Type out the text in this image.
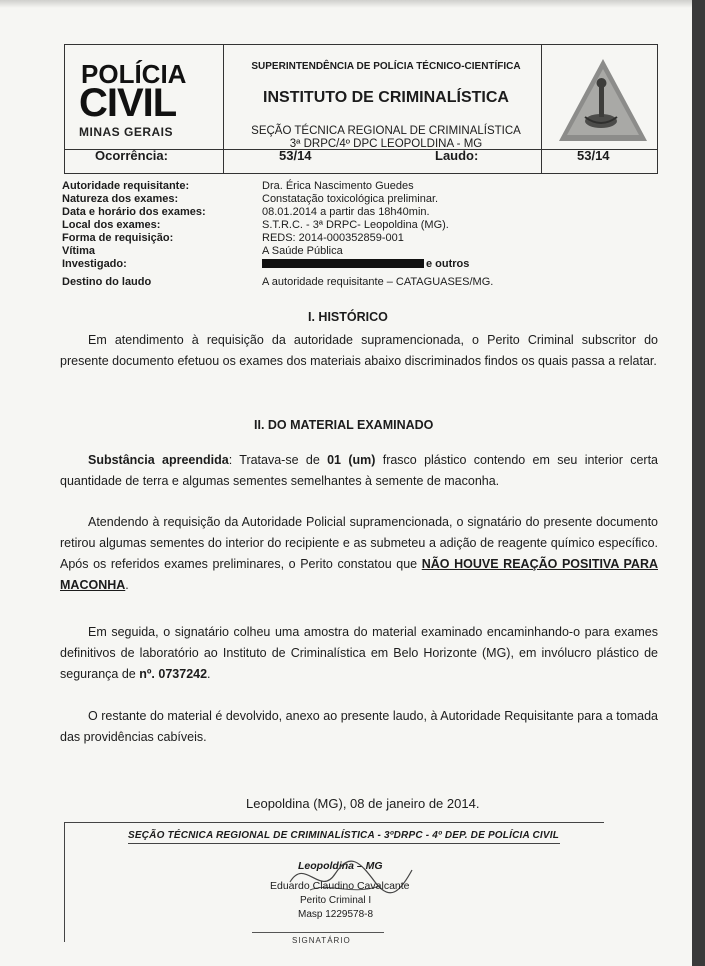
POLÍCIA
CIVIL
MINAS GERAIS
SUPERINTENDÊNCIA DE POLÍCIA TÉCNICO-CIENTÍFICA
INSTITUTO DE CRIMINALÍSTICA
SEÇÃO TÉCNICA REGIONAL DE CRIMINALÍSTICA
3ª DRPC/4º DPC LEOPOLDINA - MG
Ocorrência:	53/14	Laudo:	53/14
Autoridade requisitante:	Dra. Érica Nascimento Guedes
Natureza dos exames:	Constatação toxicológica preliminar.
Data e horário dos exames:	08.01.2014 a partir das 18h40min.
Local dos exames:	S.T.R.C. - 3ª DRPC- Leopoldina (MG).
Forma de requisição:	REDS: 2014-000352859-001
Vítima	A Saúde Pública
Investigado:	e outros
Destino do laudo	A autoridade requisitante – CATAGUASES/MG.
I. HISTÓRICO
Em atendimento à requisição da autoridade supramencionada, o Perito Criminal subscritor do presente documento efetuou os exames dos materiais abaixo discriminados findos os quais passa a relatar.
II. DO MATERIAL EXAMINADO
Substância apreendida: Tratava-se de 01 (um) frasco plástico contendo em seu interior certa quantidade de terra e algumas sementes semelhantes à semente de maconha.
Atendendo à requisição da Autoridade Policial supramencionada, o signatário do presente documento retirou algumas sementes do interior do recipiente e as submeteu a adição de reagente químico específico. Após os referidos exames preliminares, o Perito constatou que NÃO HOUVE REAÇÃO POSITIVA PARA MACONHA.
Em seguida, o signatário colheu uma amostra do material examinado encaminhando-o para exames definitivos de laboratório ao Instituto de Criminalística em Belo Horizonte (MG), em invólucro plástico de segurança de nº. 0737242.
O restante do material é devolvido, anexo ao presente laudo, à Autoridade Requisitante para a tomada das providências cabíveis.
Leopoldina (MG), 08 de janeiro de 2014.
SEÇÃO TÉCNICA REGIONAL DE CRIMINALÍSTICA - 3ºDRPC - 4º DEP. DE POLÍCIA CIVIL
Leopoldina – MG
Eduardo Claudino Cavalcante
Perito Criminal I
Masp 1229578-8
SIGNATÁRIO
